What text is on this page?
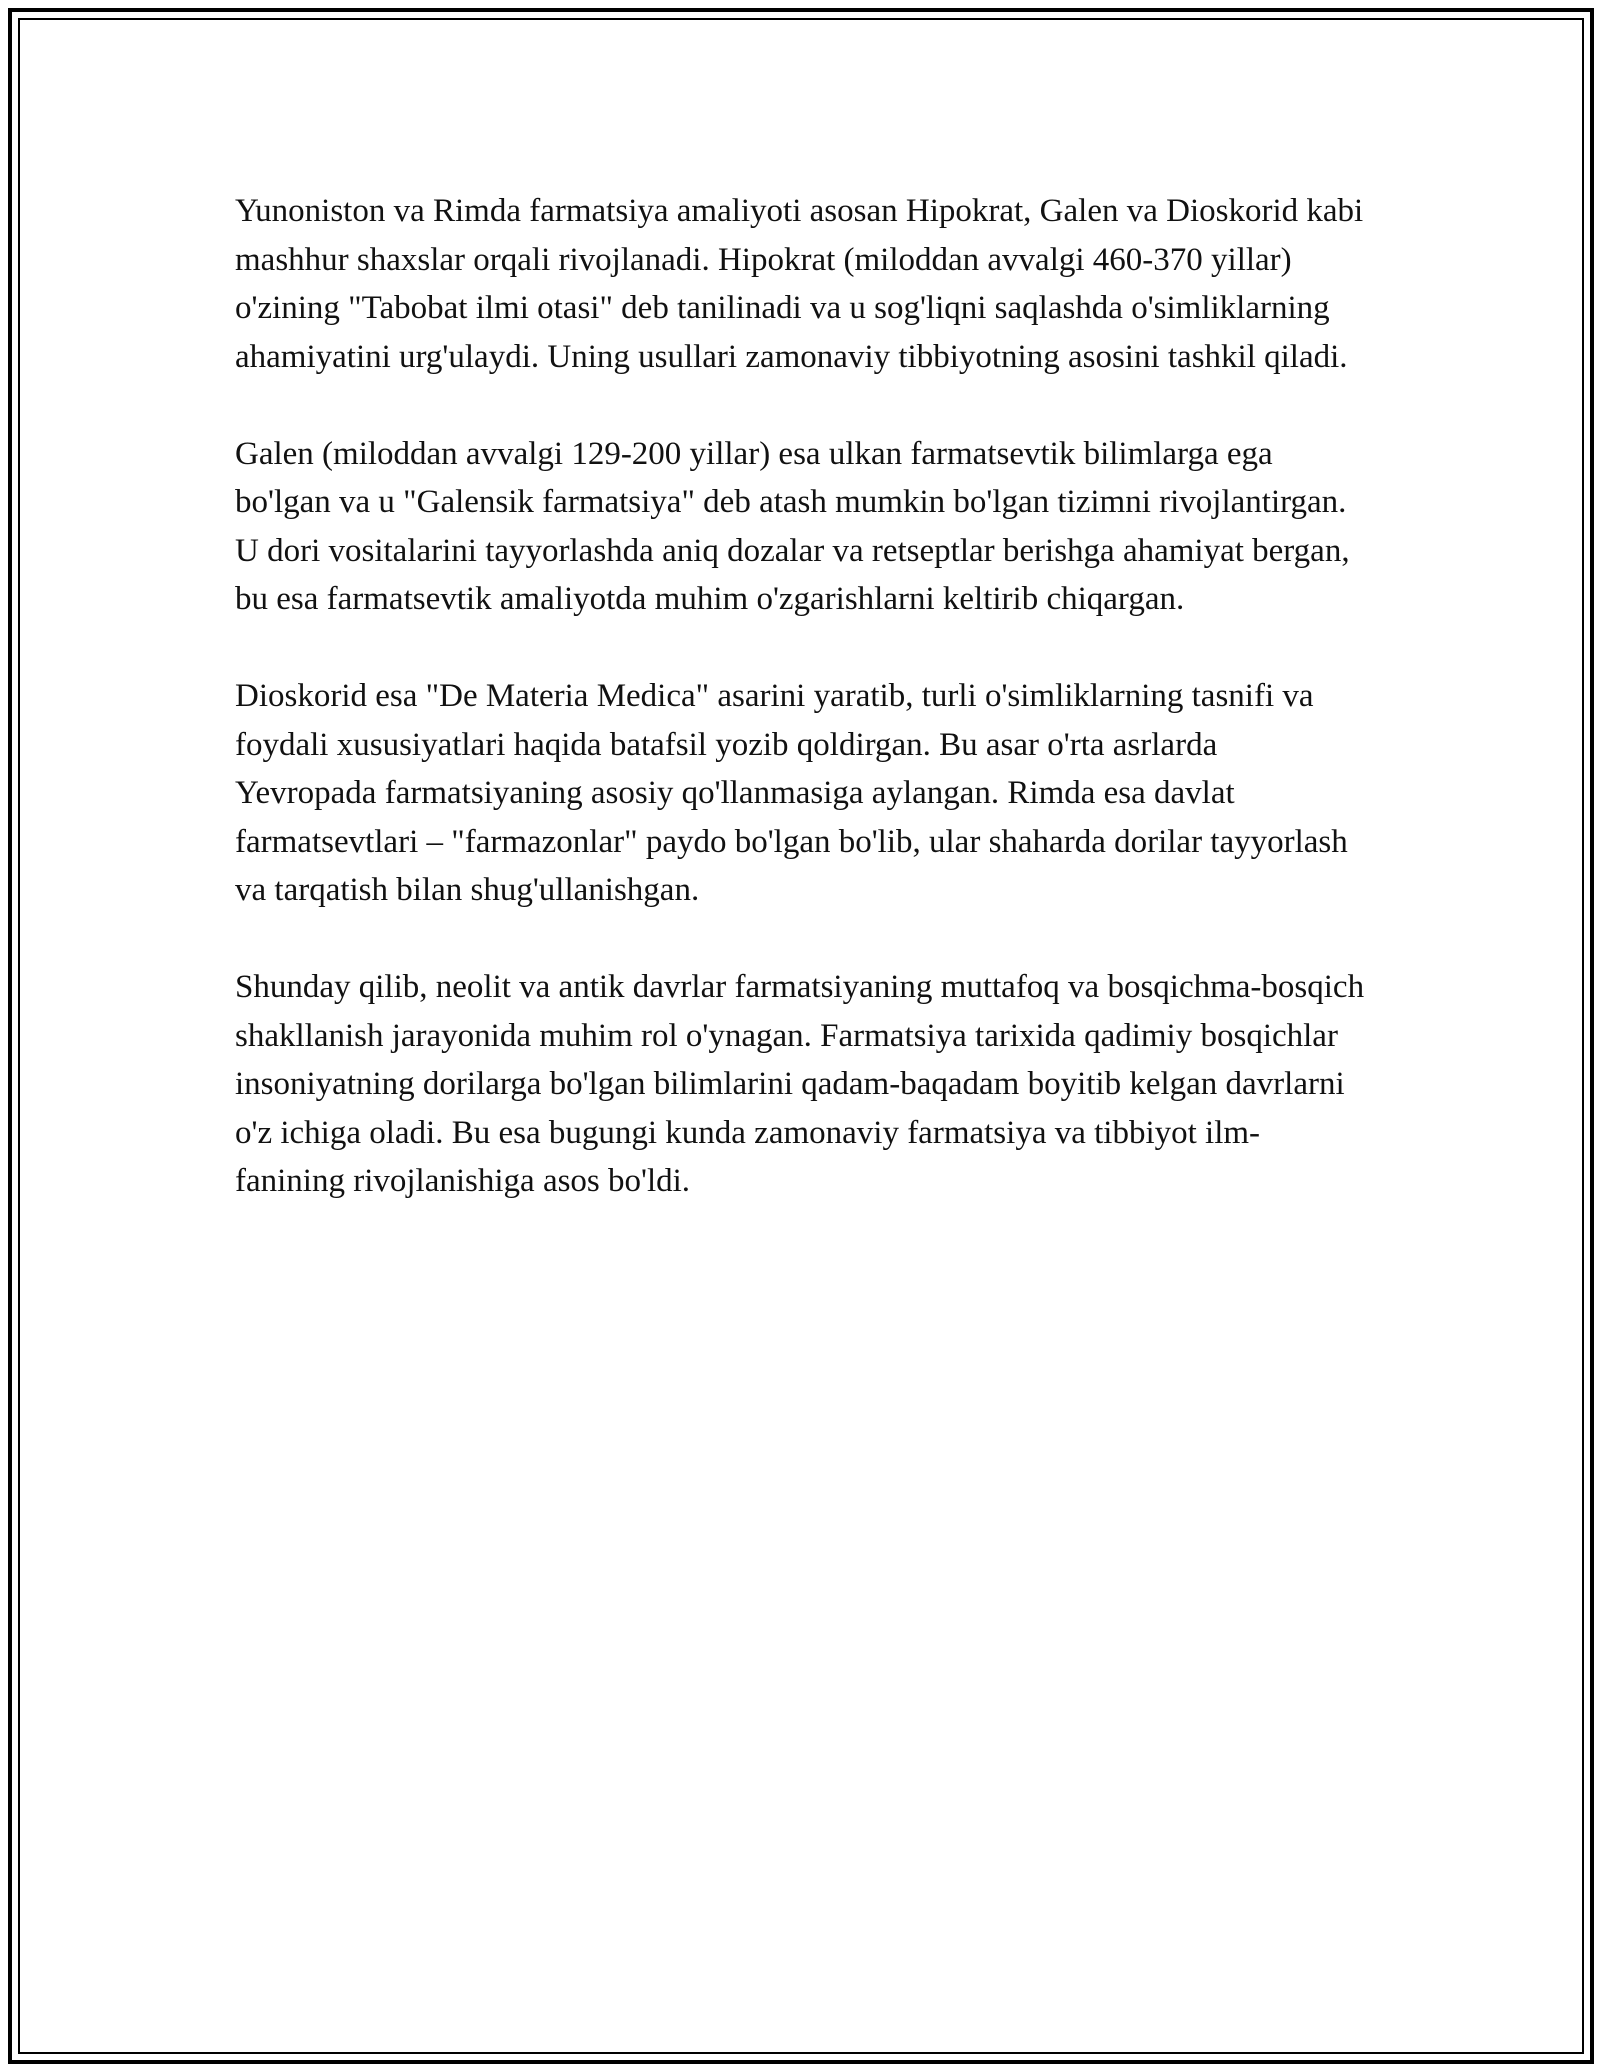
Yunoniston va Rimda farmatsiya amaliyoti asosan Hipokrat, Galen va Dioskorid kabi mashhur shaxslar orqali rivojlanadi. Hipokrat (miloddan avvalgi 460-370 yillar) o'zining "Tabobat ilmi otasi" deb tanilinadi va u sog'liqni saqlashda o'simliklarning ahamiyatini urg'ulaydi. Uning usullari zamonaviy tibbiyotning asosini tashkil qiladi.

Galen (miloddan avvalgi 129-200 yillar) esa ulkan farmatsevtik bilimlarga ega bo'lgan va u "Galensik farmatsiya" deb atash mumkin bo'lgan tizimni rivojlantirgan. U dori vositalarini tayyorlashda aniq dozalar va retseptlar berishga ahamiyat bergan, bu esa farmatsevtik amaliyotda muhim o'zgarishlarni keltirib chiqargan.

Dioskorid esa "De Materia Medica" asarini yaratib, turli o'simliklarning tasnifi va foydali xususiyatlari haqida batafsil yozib qoldirgan. Bu asar o'rta asrlarda Yevropada farmatsiyaning asosiy qo'llanmasiga aylangan. Rimda esa davlat farmatsevtlari – "farmazonlar" paydo bo'lgan bo'lib, ular shaharda dorilar tayyorlash va tarqatish bilan shug'ullanishgan.

Shunday qilib, neolit va antik davrlar farmatsiyaning muttafoq va bosqichma-bosqich shakllanish jarayonida muhim rol o'ynagan. Farmatsiya tarixida qadimiy bosqichlar insoniyatning dorilarga bo'lgan bilimlarini qadam-baqadam boyitib kelgan davrlarni o'z ichiga oladi. Bu esa bugungi kunda zamonaviy farmatsiya va tibbiyot ilm-fanining rivojlanishiga asos bo'ldi.
